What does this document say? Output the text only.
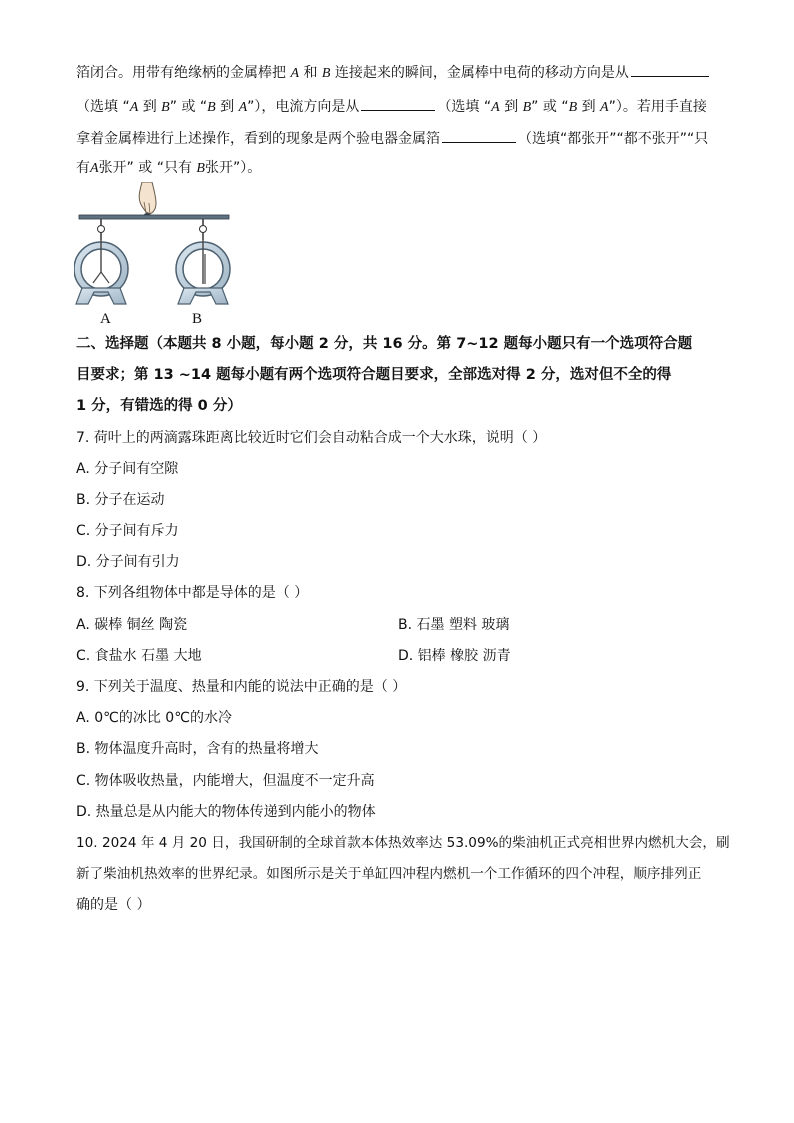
箔闭合。用带有绝缘柄的金属棒把 A 和 B 连接起来的瞬间，金属棒中电荷的移动方向是从
（选填 “A 到 B” 或 “B 到 A”），电流方向是从	（选填 “A 到 B” 或 “B 到 A”）。若用手直接
拿着金属棒进行上述操作，看到的现象是两个验电器金属箔	（选填“都张开”“都不张开”“只
有A张开” 或 “只有 B张开”）。
A	B
二、选择题（本题共 8 小题，每小题 2 分，共 16 分。第 7~12 题每小题只有一个选项符合题
目要求；第 13 ~14 题每小题有两个选项符合题目要求，全部选对得 2 分，选对但不全的得
1 分，有错选的得 0 分）
7. 荷叶上的两滴露珠距离比较近时它们会自动粘合成一个大水珠，说明（ ）
A. 分子间有空隙
B. 分子在运动
C. 分子间有斥力
D. 分子间有引力
8. 下列各组物体中都是导体的是（ ）
A. 碳棒 铜丝 陶瓷	B. 石墨 塑料 玻璃
C. 食盐水 石墨 大地	D. 铝棒 橡胶 沥青
9. 下列关于温度、热量和内能的说法中正确的是（ ）
A. 0℃的冰比 0℃的水冷
B. 物体温度升高时，含有的热量将增大
C. 物体吸收热量，内能增大，但温度不一定升高
D. 热量总是从内能大的物体传递到内能小的物体
10. 2024 年 4 月 20 日，我国研制的全球首款本体热效率达 53.09%的柴油机正式亮相世界内燃机大会，刷
新了柴油机热效率的世界纪录。如图所示是关于单缸四冲程内燃机一个工作循环的四个冲程，顺序排列正
确的是（ ）
